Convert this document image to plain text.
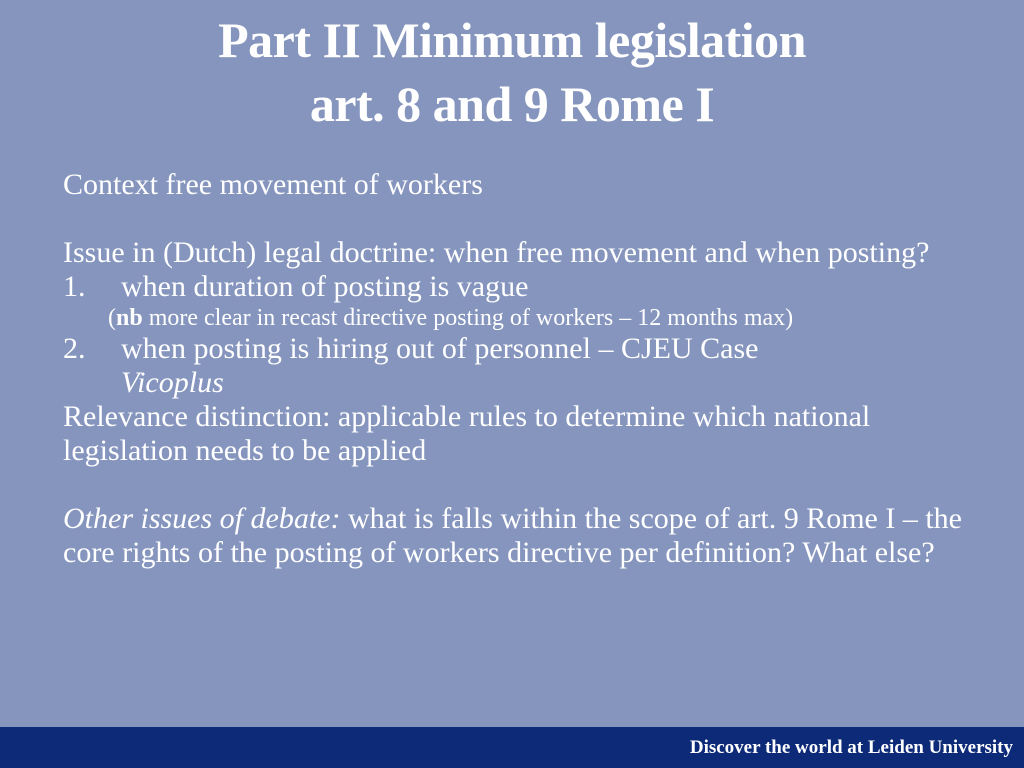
Part II Minimum legislation
art. 8 and 9 Rome I

Context free movement of workers

Issue in (Dutch) legal doctrine: when free movement and when posting?

1. when duration of posting is vague
(nb more clear in recast directive posting of workers – 12 months max)
2. when posting is hiring out of personnel – CJEU Case
Vicoplus

Relevance distinction: applicable rules to determine which national legislation needs to be applied

Other issues of debate: what is falls within the scope of art. 9 Rome I – the core rights of the posting of workers directive per definition? What else?

Discover the world at Leiden University
